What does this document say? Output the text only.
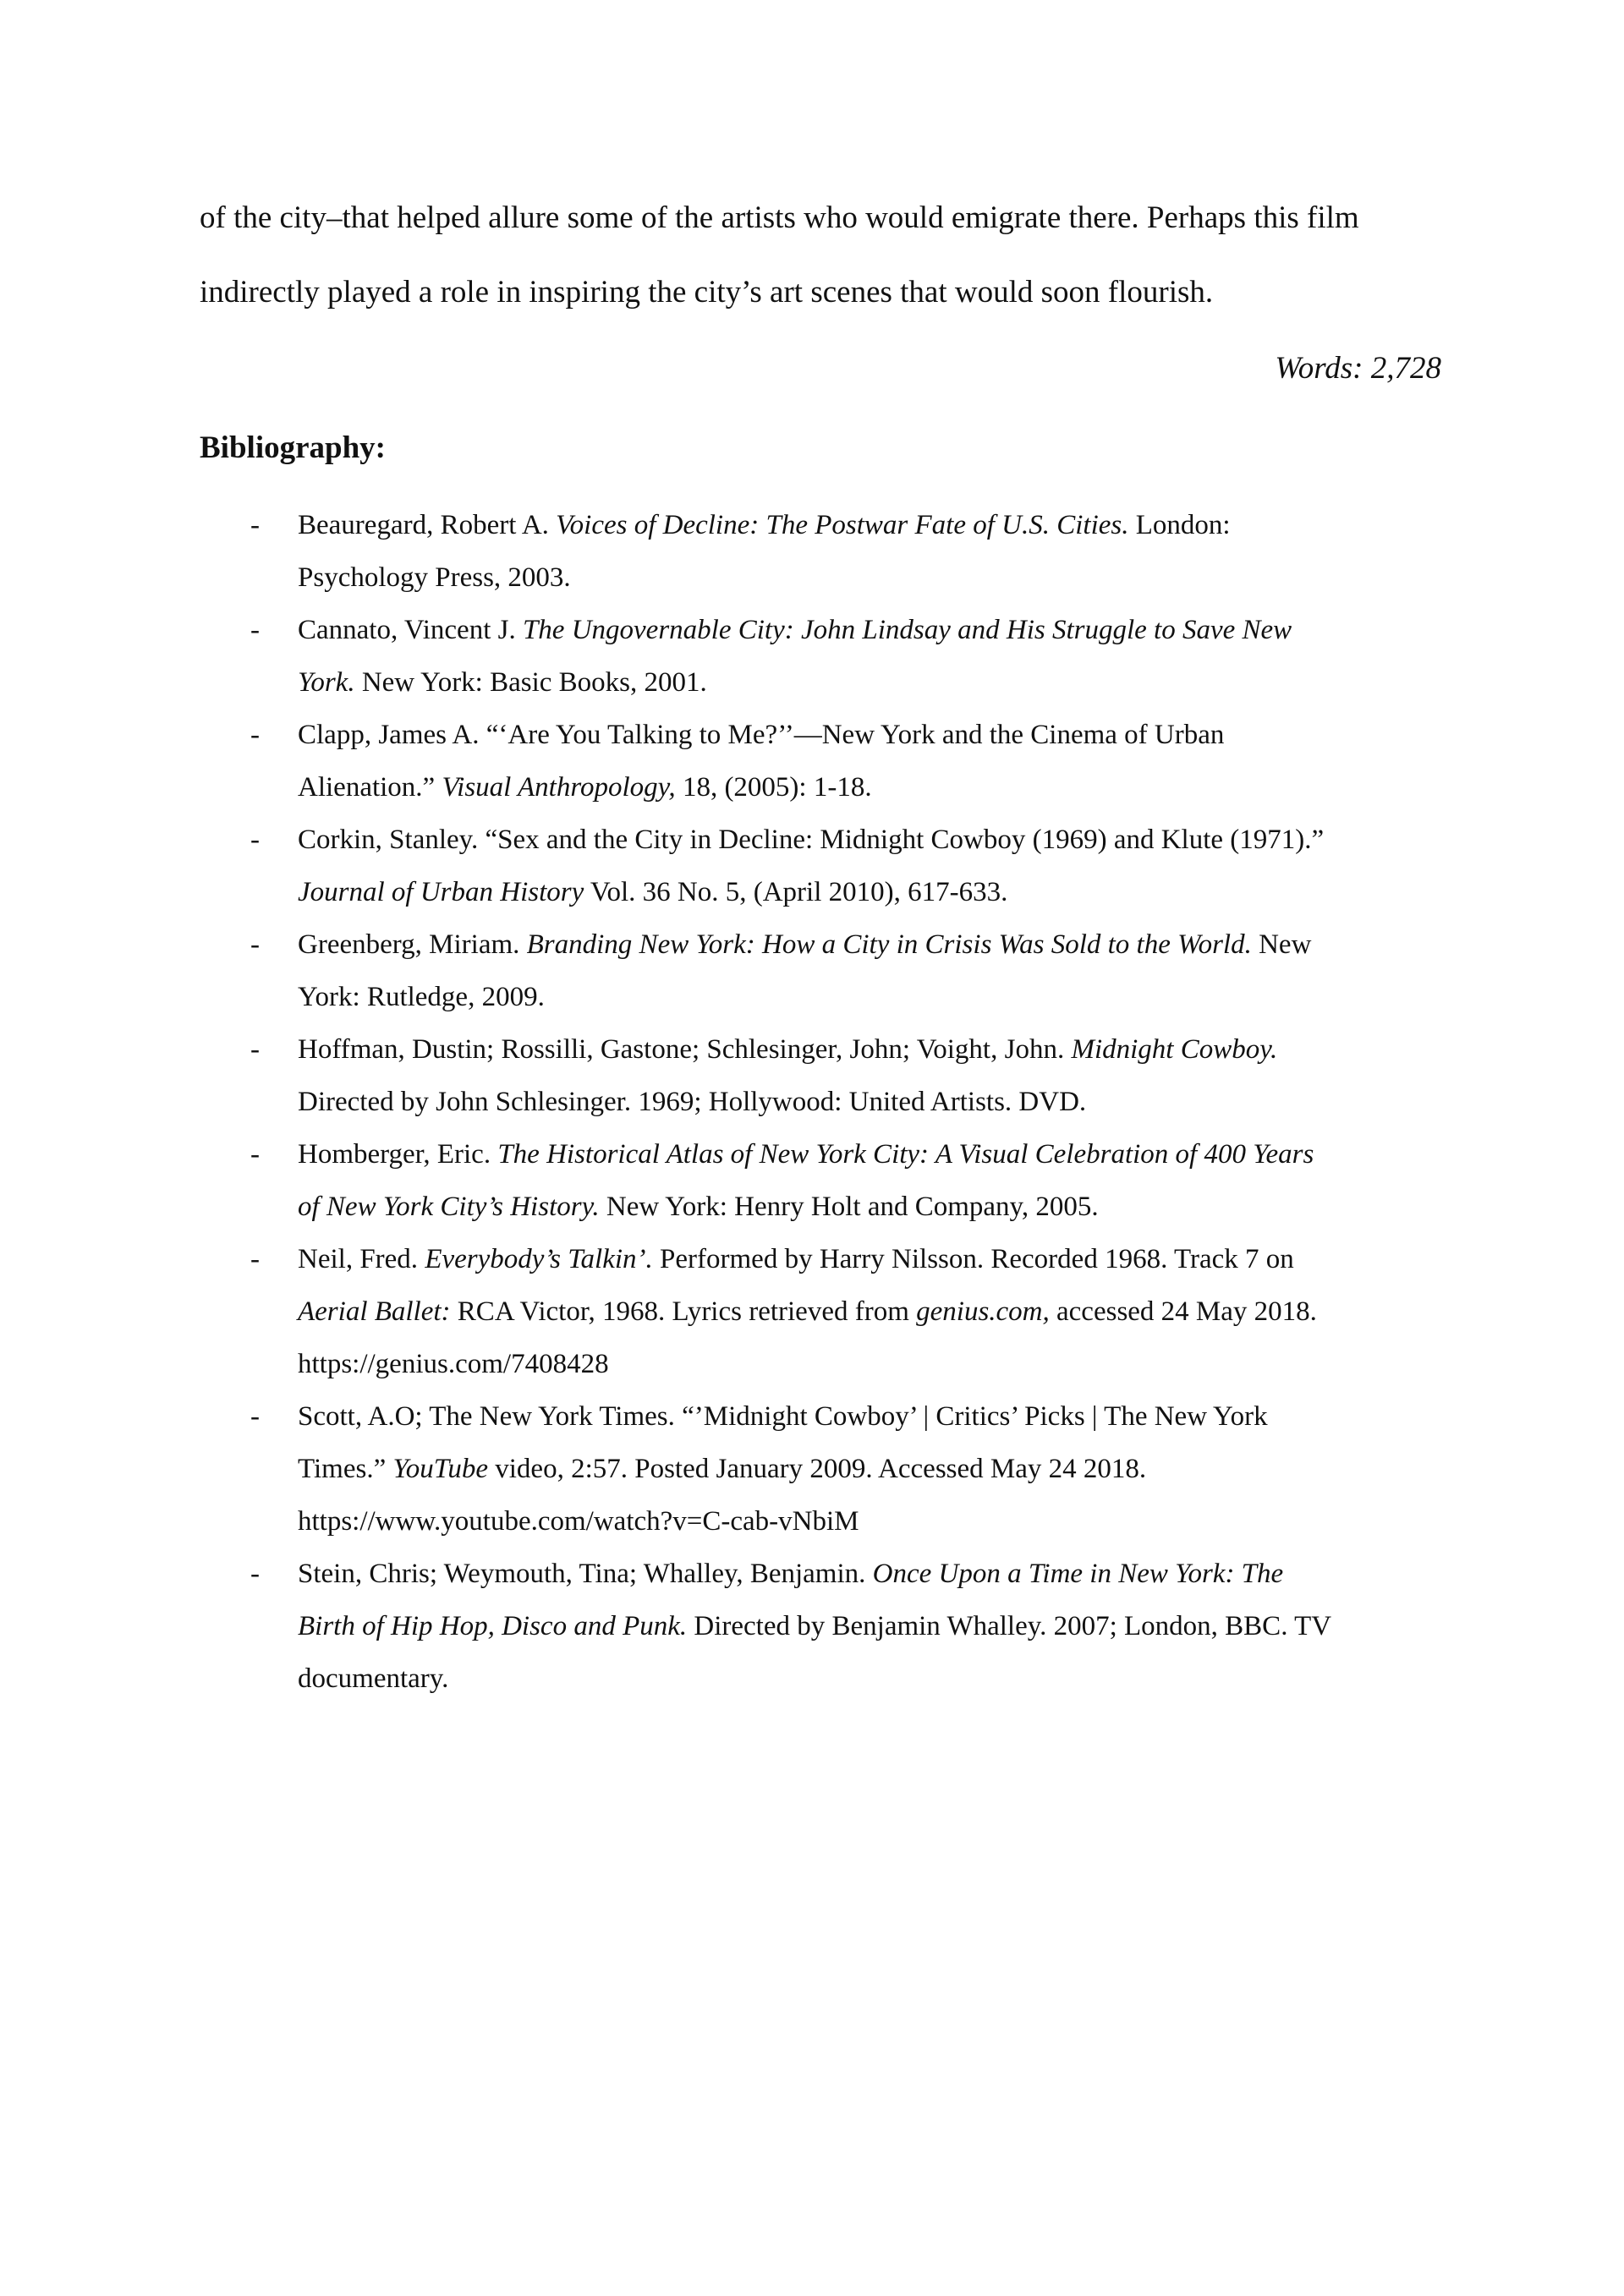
of the city–that helped allure some of the artists who would emigrate there. Perhaps this film
indirectly played a role in inspiring the city’s art scenes that would soon flourish.
Words: 2,728
Bibliography:
- Beauregard, Robert A. Voices of Decline: The Postwar Fate of U.S. Cities. London:
Psychology Press, 2003.
- Cannato, Vincent J. The Ungovernable City: John Lindsay and His Struggle to Save New
York. New York: Basic Books, 2001.
- Clapp, James A. “‘Are You Talking to Me?’’—New York and the Cinema of Urban
Alienation.” Visual Anthropology, 18, (2005): 1-18.
- Corkin, Stanley. “Sex and the City in Decline: Midnight Cowboy (1969) and Klute (1971).”
Journal of Urban History Vol. 36 No. 5, (April 2010), 617-633.
- Greenberg, Miriam. Branding New York: How a City in Crisis Was Sold to the World. New
York: Rutledge, 2009.
- Hoffman, Dustin; Rossilli, Gastone; Schlesinger, John; Voight, John. Midnight Cowboy.
Directed by John Schlesinger. 1969; Hollywood: United Artists. DVD.
- Homberger, Eric. The Historical Atlas of New York City: A Visual Celebration of 400 Years
of New York City’s History. New York: Henry Holt and Company, 2005.
- Neil, Fred. Everybody’s Talkin’. Performed by Harry Nilsson. Recorded 1968. Track 7 on
Aerial Ballet: RCA Victor, 1968. Lyrics retrieved from genius.com, accessed 24 May 2018.
https://genius.com/7408428
- Scott, A.O; The New York Times. “’Midnight Cowboy’ | Critics’ Picks | The New York
Times.” YouTube video, 2:57. Posted January 2009. Accessed May 24 2018.
https://www.youtube.com/watch?v=C-cab-vNbiM
- Stein, Chris; Weymouth, Tina; Whalley, Benjamin. Once Upon a Time in New York: The
Birth of Hip Hop, Disco and Punk. Directed by Benjamin Whalley. 2007; London, BBC. TV
documentary.
